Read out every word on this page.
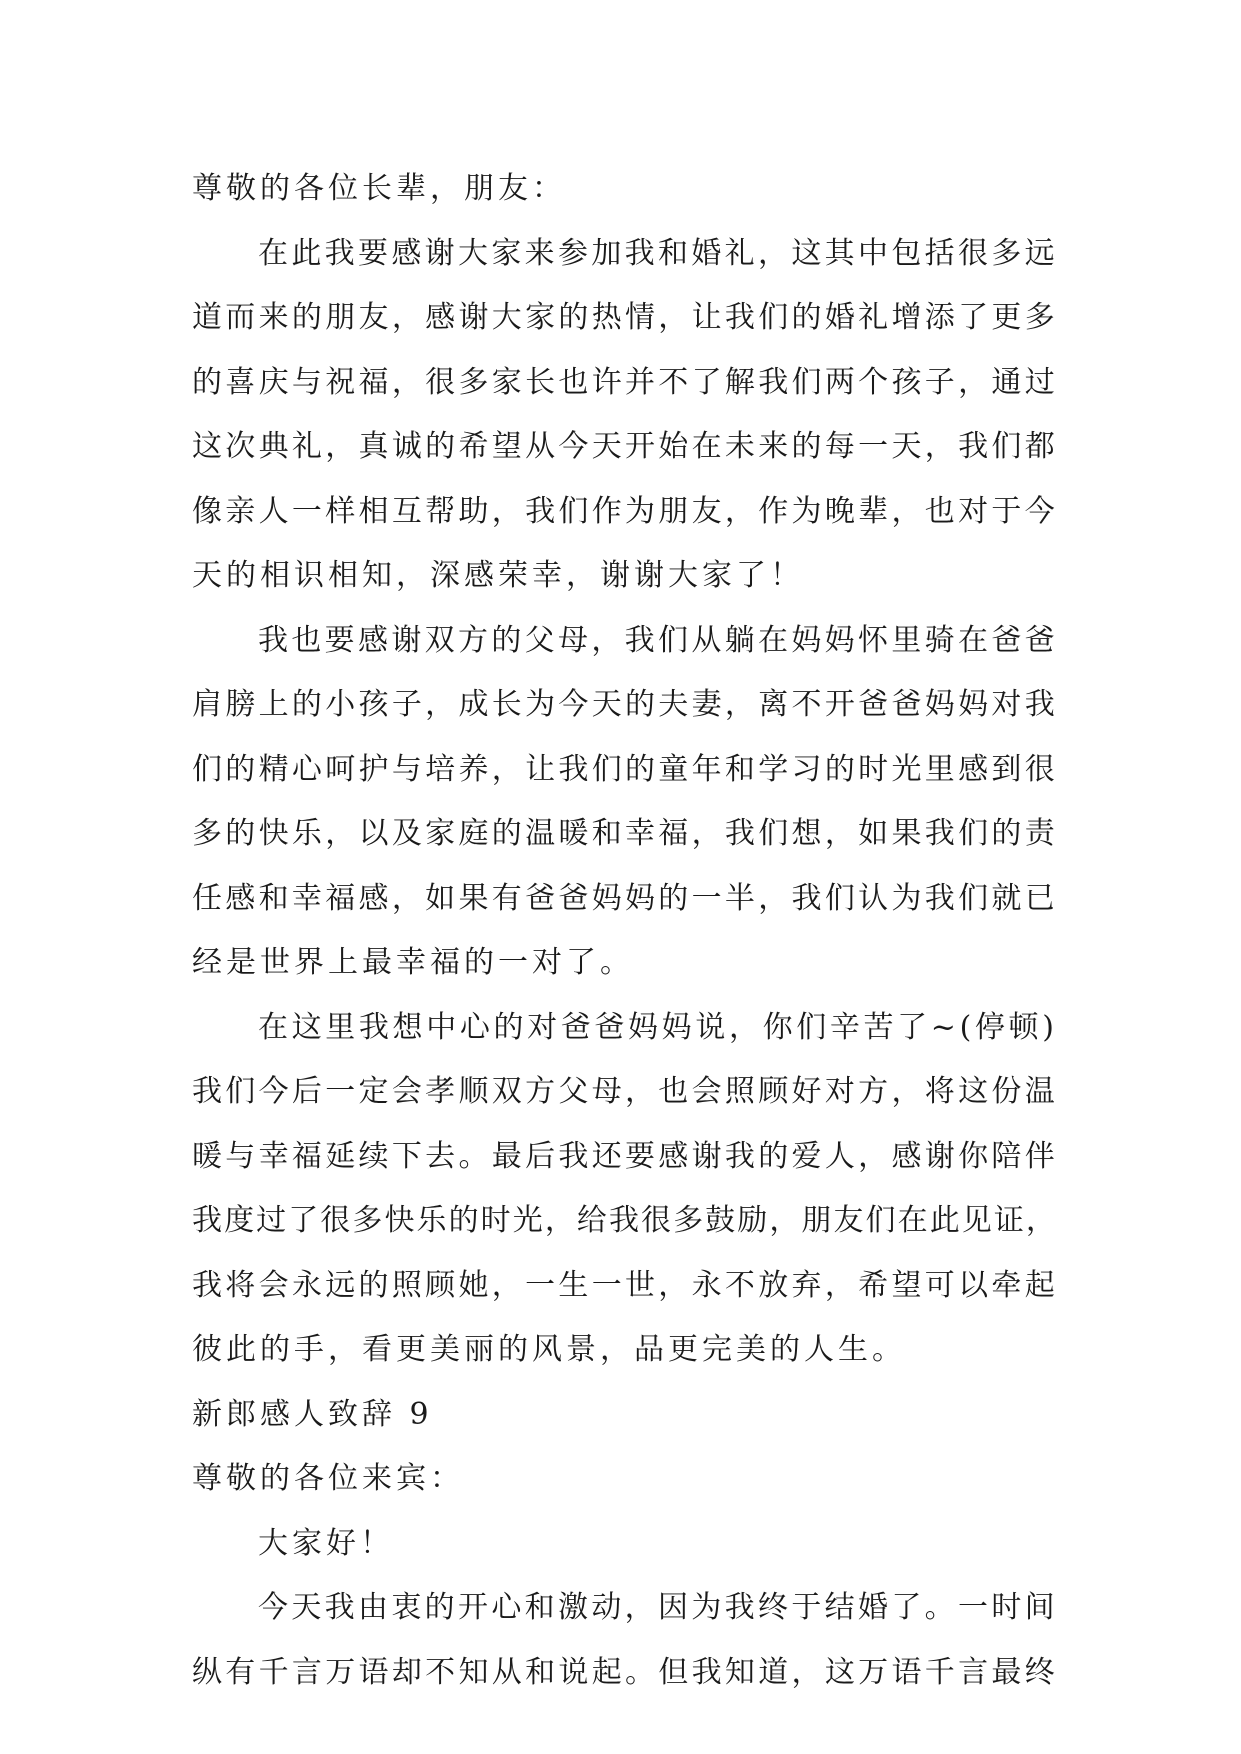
尊敬的各位长辈，朋友：
在此我要感谢大家来参加我和婚礼，这其中包括很多远
道而来的朋友，感谢大家的热情，让我们的婚礼增添了更多
的喜庆与祝福，很多家长也许并不了解我们两个孩子，通过
这次典礼，真诚的希望从今天开始在未来的每一天，我们都
像亲人一样相互帮助，我们作为朋友，作为晚辈，也对于今
天的相识相知，深感荣幸，谢谢大家了！
我也要感谢双方的父母，我们从躺在妈妈怀里骑在爸爸
肩膀上的小孩子，成长为今天的夫妻，离不开爸爸妈妈对我
们的精心呵护与培养，让我们的童年和学习的时光里感到很
多的快乐，以及家庭的温暖和幸福，我们想，如果我们的责
任感和幸福感，如果有爸爸妈妈的一半，我们认为我们就已
经是世界上最幸福的一对了。
在这里我想中心的对爸爸妈妈说，你们辛苦了~(停顿)
我们今后一定会孝顺双方父母，也会照顾好对方，将这份温
暖与幸福延续下去。最后我还要感谢我的爱人，感谢你陪伴
我度过了很多快乐的时光，给我很多鼓励，朋友们在此见证，
我将会永远的照顾她，一生一世，永不放弃，希望可以牵起
彼此的手，看更美丽的风景，品更完美的人生。
新郎感人致辞 9
尊敬的各位来宾：
大家好！
今天我由衷的开心和激动，因为我终于结婚了。一时间
纵有千言万语却不知从和说起。但我知道，这万语千言最终
